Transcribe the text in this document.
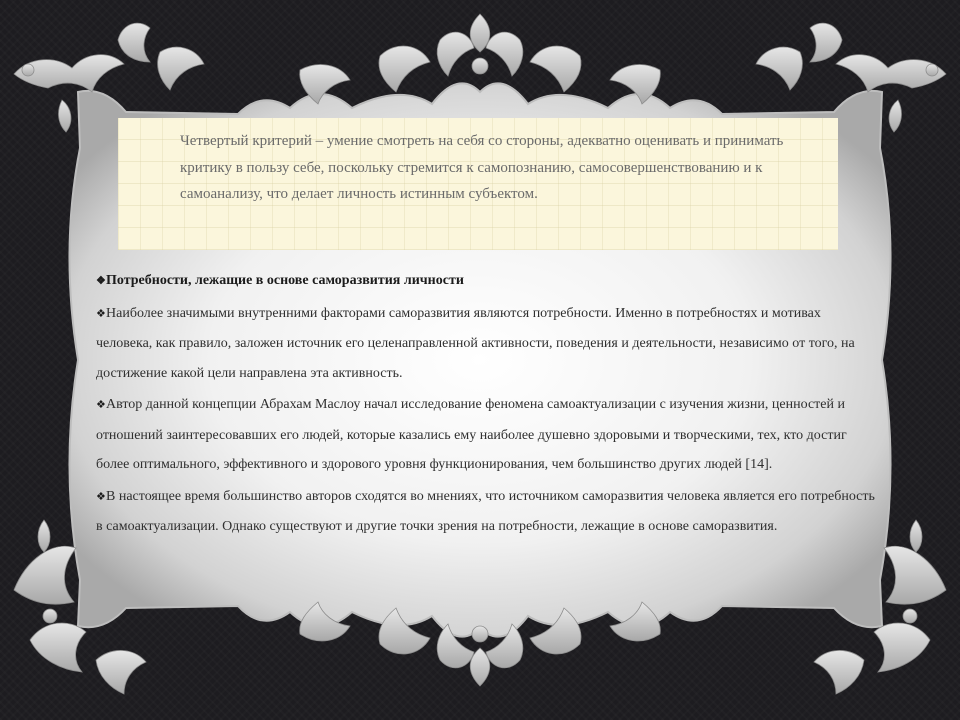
Четвертый критерий – умение смотреть на себя со стороны, адекватно оценивать и принимать критику в пользу себе, поскольку стремится к самопознанию, самосовершенствованию и к самоанализу, что делает личность истинным субъектом.

❖Потребности, лежащие в основе саморазвития личности

❖Наиболее значимыми внутренними факторами саморазвития являются потребности. Именно в потребностях и мотивах человека, как правило, заложен источник его целенаправленной активности, поведения и деятельности, независимо от того, на достижение какой цели направлена эта активность.

❖Автор данной концепции Абрахам Маслоу начал исследование феномена самоактуализации с изучения жизни, ценностей и отношений заинтересовавших его людей, которые казались ему наиболее душевно здоровыми и творческими, тех, кто достиг более оптимального, эффективного и здорового уровня функционирования, чем большинство других людей [14].

❖В настоящее время большинство авторов сходятся во мнениях, что источником саморазвития человека является его потребность в самоактуализации. Однако существуют и другие точки зрения на потребности, лежащие в основе саморазвития.
